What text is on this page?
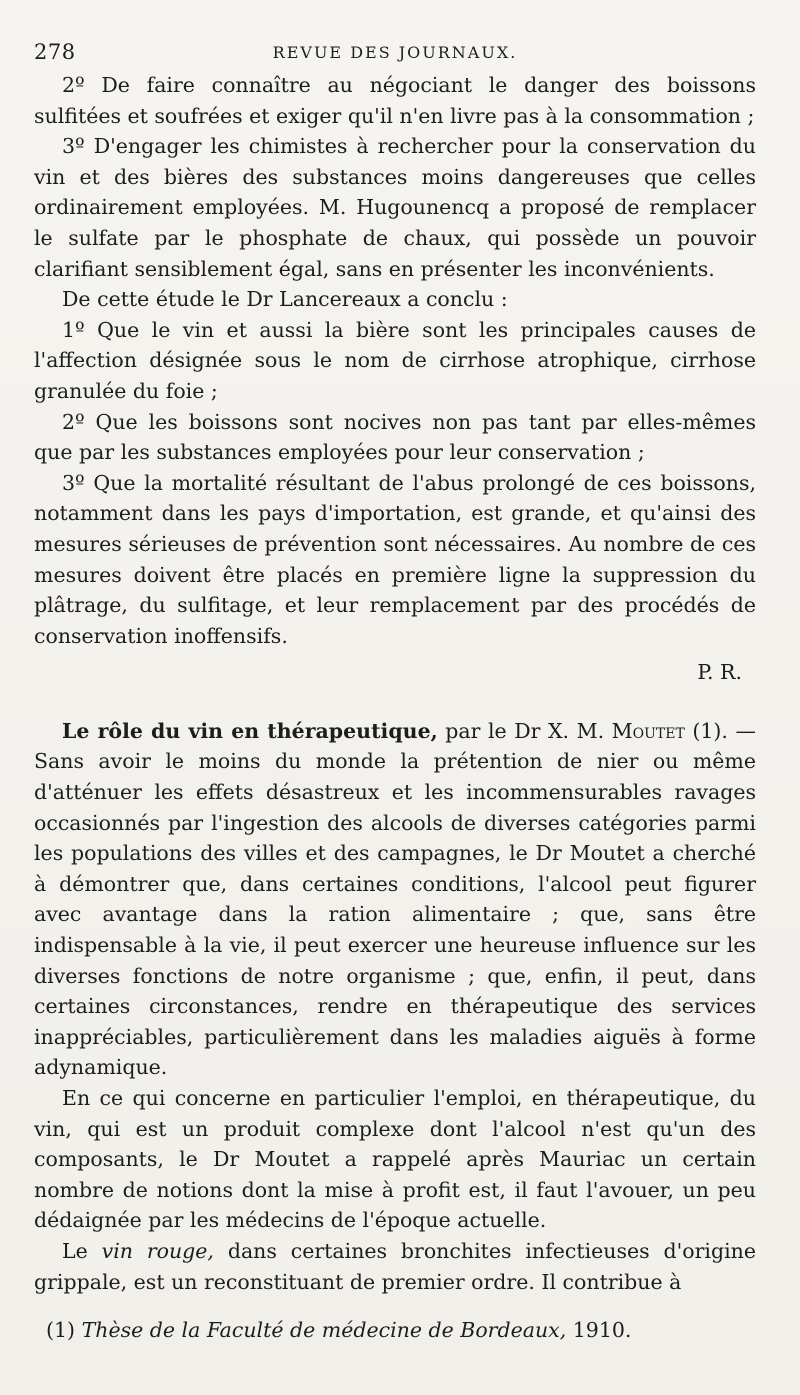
278	REVUE DES JOURNAUX.

2º De faire connaître au négociant le danger des boissons sulfitées et soufrées et exiger qu'il n'en livre pas à la consommation ;

3º D'engager les chimistes à rechercher pour la conservation du vin et des bières des substances moins dangereuses que celles ordinairement employées. M. Hugounencq a proposé de remplacer le sulfate par le phosphate de chaux, qui possède un pouvoir clarifiant sensiblement égal, sans en présenter les inconvénients.

De cette étude le Dr Lancereaux a conclu :

1º Que le vin et aussi la bière sont les principales causes de l'affection désignée sous le nom de cirrhose atrophique, cirrhose granulée du foie ;

2º Que les boissons sont nocives non pas tant par elles-mêmes que par les substances employées pour leur conservation ;

3º Que la mortalité résultant de l'abus prolongé de ces boissons, notamment dans les pays d'importation, est grande, et qu'ainsi des mesures sérieuses de prévention sont nécessaires. Au nombre de ces mesures doivent être placés en première ligne la suppression du plâtrage, du sulfitage, et leur remplacement par des procédés de conservation inoffensifs.

P. R.

Le rôle du vin en thérapeutique, par le Dr X. M. Moutet (1). — Sans avoir le moins du monde la prétention de nier ou même d'atténuer les effets désastreux et les incommensurables ravages occasionnés par l'ingestion des alcools de diverses catégories parmi les populations des villes et des campagnes, le Dr Moutet a cherché à démontrer que, dans certaines conditions, l'alcool peut figurer avec avantage dans la ration alimentaire ; que, sans être indispensable à la vie, il peut exercer une heureuse influence sur les diverses fonctions de notre organisme ; que, enfin, il peut, dans certaines circonstances, rendre en thérapeutique des services inappréciables, particulièrement dans les maladies aiguës à forme adynamique.

En ce qui concerne en particulier l'emploi, en thérapeutique, du vin, qui est un produit complexe dont l'alcool n'est qu'un des composants, le Dr Moutet a rappelé après Mauriac un certain nombre de notions dont la mise à profit est, il faut l'avouer, un peu dédaignée par les médecins de l'époque actuelle.

Le vin rouge, dans certaines bronchites infectieuses d'origine grippale, est un reconstituant de premier ordre. Il contribue à

(1) Thèse de la Faculté de médecine de Bordeaux, 1910.
